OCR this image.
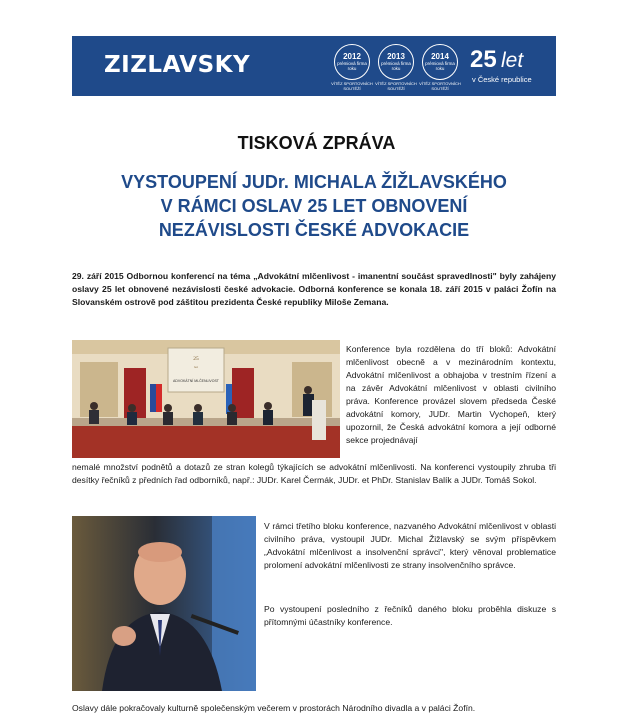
ZIZLAVSKY	2012
prémiová firma roku
VÍTĚZ SPORTOVNÍCH SOUTĚŽÍ
2013
prémiová firma roku
VÍTĚZ SPORTOVNÍCH SOUTĚŽÍ
2014
prémiová firma roku
VÍTĚZ SPORTOVNÍCH SOUTĚŽÍ
25 let
v České republice
TISKOVÁ ZPRÁVA
VYSTOUPENÍ JUDr. MICHALA ŽIŽLAVSKÉHO
V RÁMCI OSLAV 25 LET OBNOVENÍ
NEZÁVISLOSTI ČESKÉ ADVOKACIE
29. září 2015 Odbornou konferencí na téma „Advokátní mlčenlivost - imanentní součást spravedlnosti" byly zahájeny oslavy 25 let obnovené nezávislosti české advokacie. Odborná konference se konala 18. září 2015 v paláci Žofín na Slovanském ostrově pod záštitou prezidenta České republiky Miloše Zemana.
25
let
ADVOKÁTNÍ MLČENLIVOST
Konference byla rozdělena do tří bloků: Advokátní mlčenlivost obecně a v mezinárodním kontextu, Advokátní mlčenlivost a obhajoba v trestním řízení a na závěr Advokátní mlčenlivost v oblasti civilního práva. Konference provázel slovem předseda České advokátní komory, JUDr. Martin Vychopeň, který upozornil, že Česká advokátní komora a její odborné sekce projednávají
nemalé množství podnětů a dotazů ze stran kolegů týkajících se advokátní mlčenlivosti. Na konferenci vystoupily zhruba tři desítky řečníků z předních řad odborníků, např.: JUDr. Karel Čermák, JUDr. et PhDr. Stanislav Balík a JUDr. Tomáš Sokol.
V rámci třetího bloku konference, nazvaného Advokátní mlčenlivost v oblasti civilního práva, vystoupil JUDr. Michal Žižlavský se svým příspěvkem „Advokátní mlčenlivost a insolvenční správci", který věnoval problematice prolomení advokátní mlčenlivosti ze strany insolvenčního správce.
Po vystoupení posledního z řečníků daného bloku proběhla diskuze s přítomnými účastníky konference.
Oslavy dále pokračovaly kulturně společenským večerem v prostorách Národního divadla a v paláci Žofín.
